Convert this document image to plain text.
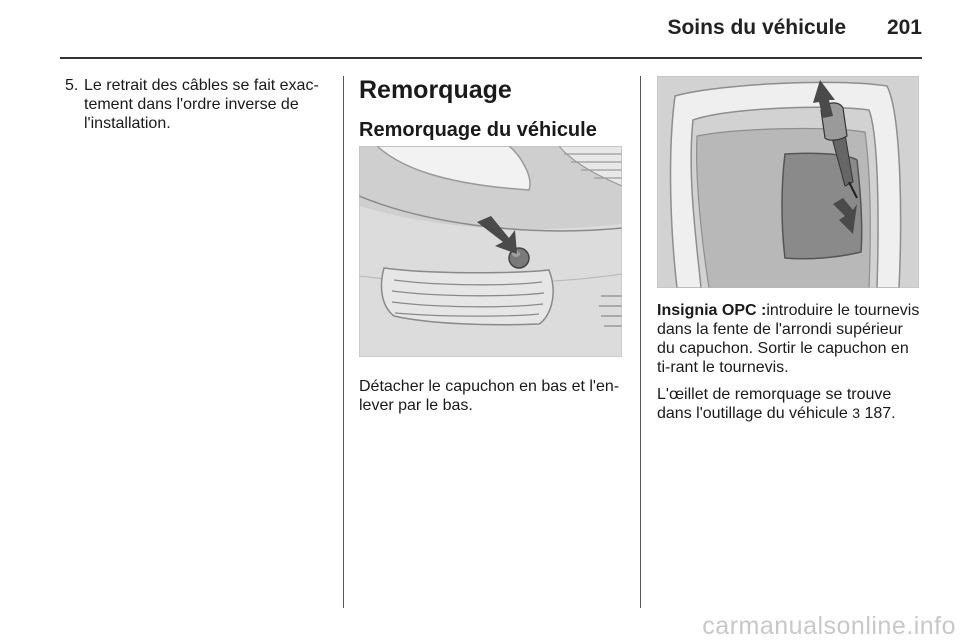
Soins du véhicule	201
5. Le retrait des câbles se fait exac-tement dans l'ordre inverse de l'installation.
Remorquage
Remorquage du véhicule
Détacher le capuchon en bas et l'en-lever par le bas.

Insignia OPC :introduire le tournevis dans la fente de l'arrondi supérieur du capuchon. Sortir le capuchon en ti-rant le tournevis.

L'œillet de remorquage se trouve dans l'outillage du véhicule 3 187.

carmanualsonline.info
